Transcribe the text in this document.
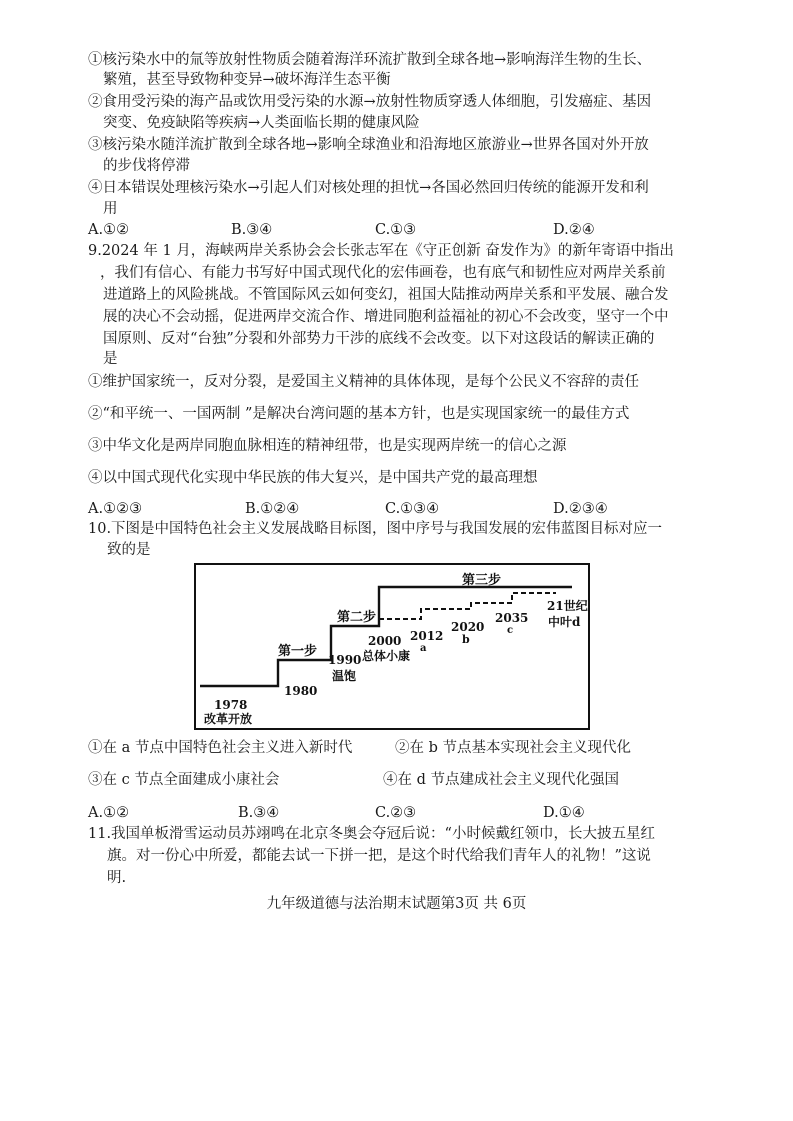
①核污染水中的氚等放射性物质会随着海洋环流扩散到全球各地→影响海洋生物的生长、
繁殖，甚至导致物种变异→破坏海洋生态平衡
②食用受污染的海产品或饮用受污染的水源→放射性物质穿透人体细胞，引发癌症、基因
突变、免疫缺陷等疾病→人类面临长期的健康风险
③核污染水随洋流扩散到全球各地→影响全球渔业和沿海地区旅游业→世界各国对外开放
的步伐将停滞
④日本错误处理核污染水→引起人们对核处理的担忧→各国必然回归传统的能源开发和利
用
A.①②	B.③④	C.①③	D.②④
9.2024 年 1 月，海峡两岸关系协会会长张志军在《守正创新 奋发作为》的新年寄语中指出
，我们有信心、有能力书写好中国式现代化的宏伟画卷，也有底气和韧性应对两岸关系前
进道路上的风险挑战。不管国际风云如何变幻，祖国大陆推动两岸关系和平发展、融合发
展的决心不会动摇，促进两岸交流合作、增进同胞利益福祉的初心不会改变，坚守一个中
国原则、反对“台独”分裂和外部势力干涉的底线不会改变。以下对这段话的解读正确的
是
①维护国家统一，反对分裂，是爱国主义精神的具体体现，是每个公民义不容辞的责任
②“和平统一、一国两制 ”是解决台湾问题的基本方针，也是实现国家统一的最佳方式
③中华文化是两岸同胞血脉相连的精神纽带，也是实现两岸统一的信心之源
④以中国式现代化实现中华民族的伟大复兴，是中国共产党的最高理想
A.①②③	B.①②④	C.①③④	D.②③④
10.下图是中国特色社会主义发展战略目标图，图中序号与我国发展的宏伟蓝图目标对应一
致的是
第三步
第二步
第一步
1978
改革开放
1980
1990
温饱
2000
总体小康
2012
a
2020
b
2035
c
21世纪
中叶d
①在 a 节点中国特色社会主义进入新时代	②在 b 节点基本实现社会主义现代化
③在 c 节点全面建成小康社会	④在 d 节点建成社会主义现代化强国
A.①②	B.③④	C.②③	D.①④
11.我国单板滑雪运动员苏翊鸣在北京冬奥会夺冠后说：“小时候戴红领巾，长大披五星红
旗。对一份心中所爱，都能去试一下拼一把，是这个时代给我们青年人的礼物！”这说
明.
九年级道德与法治期末试题第3页 共 6页
